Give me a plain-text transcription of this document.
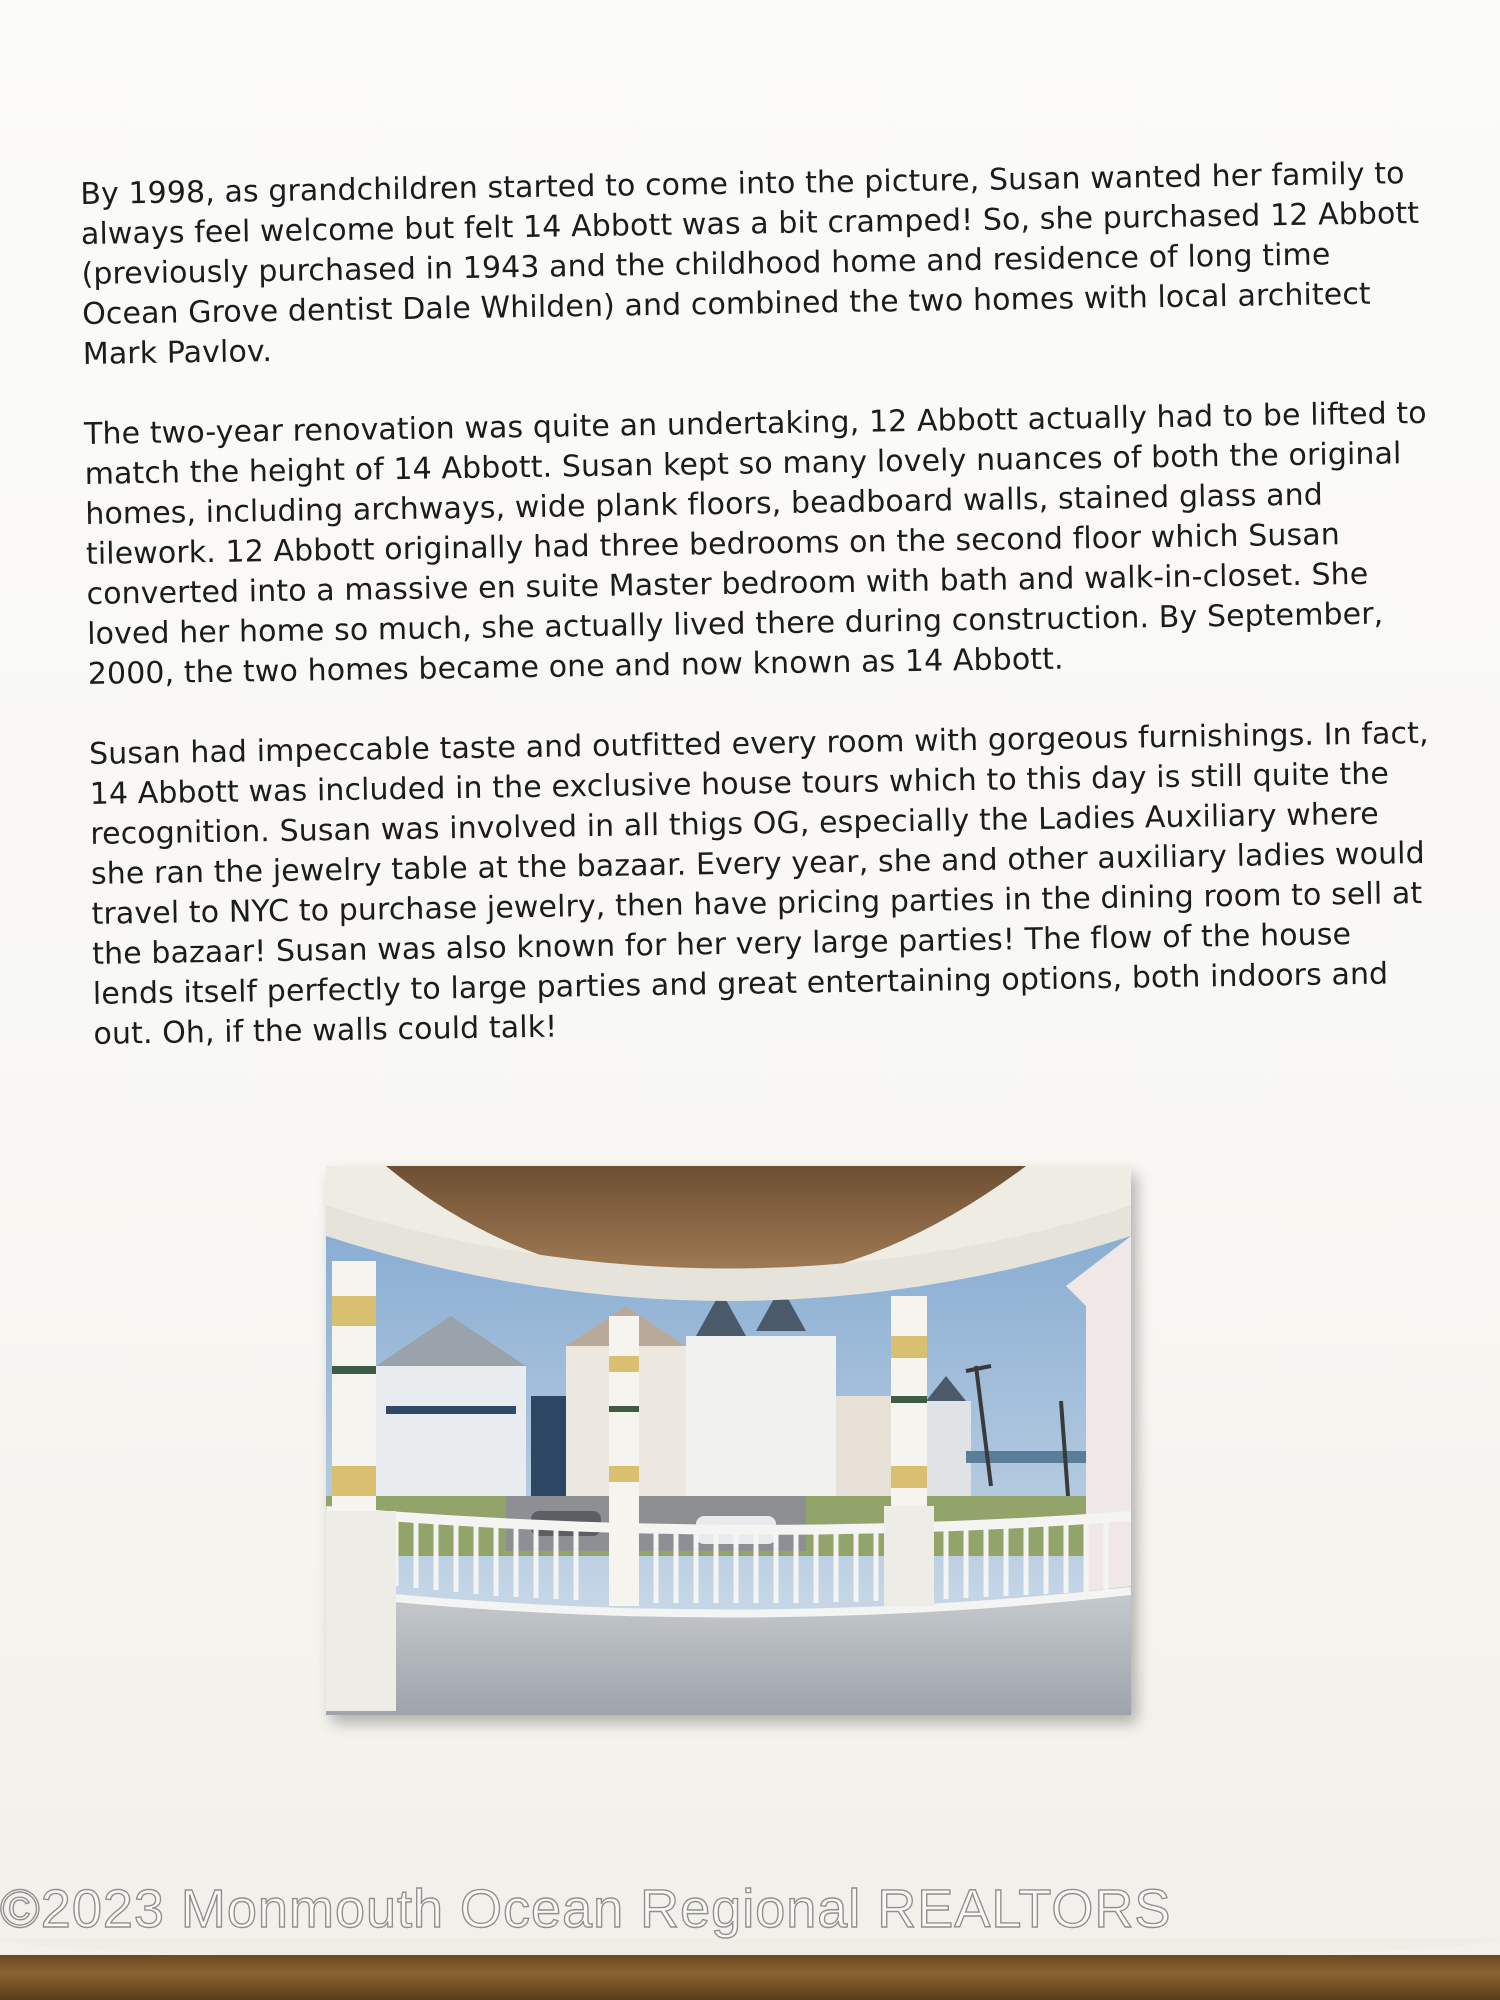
By 1998, as grandchildren started to come into the picture, Susan wanted her family to always feel welcome but felt 14 Abbott was a bit cramped! So, she purchased 12 Abbott (previously purchased in 1943 and the childhood home and residence of long time Ocean Grove dentist Dale Whilden) and combined the two homes with local architect Mark Pavlov.

The two-year renovation was quite an undertaking, 12 Abbott actually had to be lifted to match the height of 14 Abbott. Susan kept so many lovely nuances of both the original homes, including archways, wide plank floors, beadboard walls, stained glass and tilework. 12 Abbott originally had three bedrooms on the second floor which Susan converted into a massive en suite Master bedroom with bath and walk-in-closet. She loved her home so much, she actually lived there during construction. By September, 2000, the two homes became one and now known as 14 Abbott.

Susan had impeccable taste and outfitted every room with gorgeous furnishings. In fact, 14 Abbott was included in the exclusive house tours which to this day is still quite the recognition. Susan was involved in all thigs OG, especially the Ladies Auxiliary where she ran the jewelry table at the bazaar. Every year, she and other auxiliary ladies would travel to NYC to purchase jewelry, then have pricing parties in the dining room to sell at the bazaar! Susan was also known for her very large parties! The flow of the house lends itself perfectly to large parties and great entertaining options, both indoors and out. Oh, if the walls could talk!

©2023 Monmouth Ocean Regional REALTORS
